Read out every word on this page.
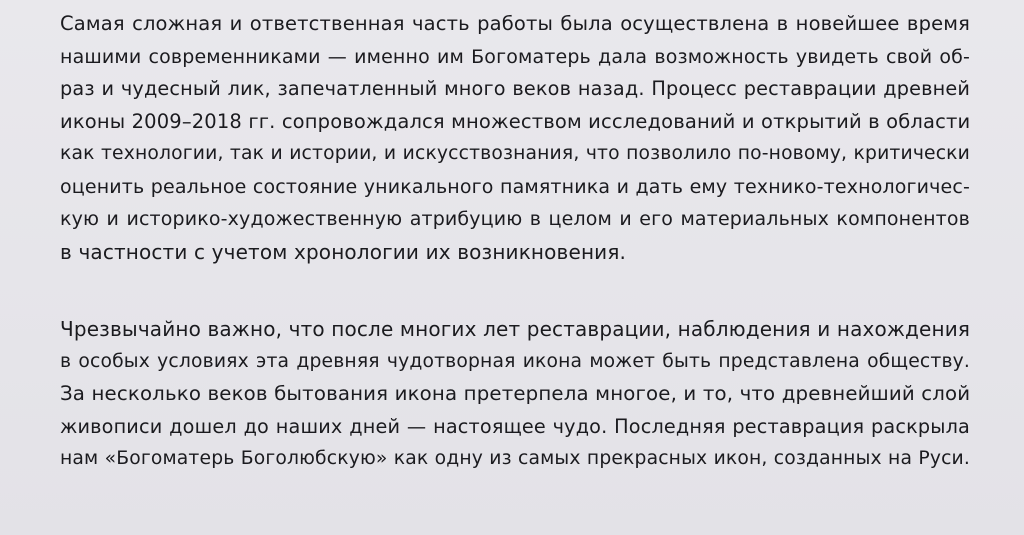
Самая сложная и ответственная часть работы была осуществлена в новейшее время
нашими современниками — именно им Богоматерь дала возможность увидеть свой об-
раз и чудесный лик, запечатленный много веков назад. Процесс реставрации древней
иконы 2009–2018 гг. сопровождался множеством исследований и открытий в области
как технологии, так и истории, и искусствознания, что позволило по-новому, критически
оценить реальное состояние уникального памятника и дать ему технико-технологичес-
кую и историко-художественную атрибуцию в целом и его материальных компонентов
в частности с учетом хронологии их возникновения.
Чрезвычайно важно, что после многих лет реставрации, наблюдения и нахождения
в особых условиях эта древняя чудотворная икона может быть представлена обществу.
За несколько веков бытования икона претерпела многое, и то, что древнейший слой
живописи дошел до наших дней — настоящее чудо. Последняя реставрация раскрыла
нам «Богоматерь Боголюбскую» как одну из самых прекрасных икон, созданных на Руси.
